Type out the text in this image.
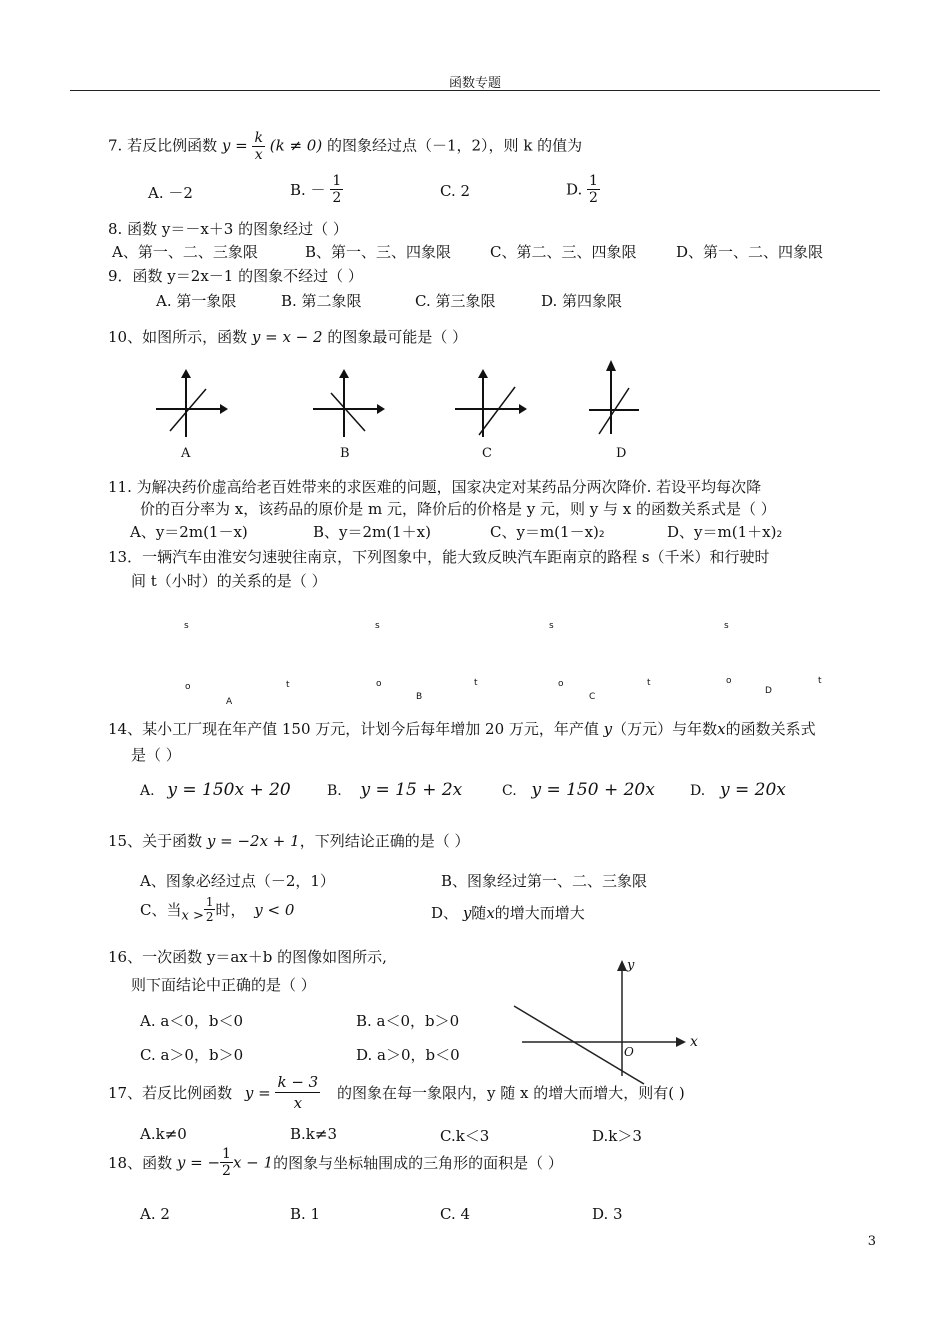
函数专题
7. 若反比例函数 $y = \frac{k}{x} (k \ne 0)$ 的图象经过点（－1，2），则 k 的值为
A. －2	B. － $\frac{1}{2}$	C. 2	D. $\frac{1}{2}$
8. 函数 y＝－x＋3 的图象经过（ ）
A、第一、二、三象限	B、第一、三、四象限	C、第二、三、四象限	D、第一、二、四象限
9．函数 y＝2x－1 的图象不经过（ ）
A. 第一象限	B. 第二象限	C. 第三象限	D. 第四象限
10、如图所示，函数 y = x − 2 的图象最可能是（ ）
A	B	C	D
11. 为解决药价虚高给老百姓带来的求医难的问题，国家决定对某药品分两次降价. 若设平均每次降
价的百分率为 x，该药品的原价是 m 元，降价后的价格是 y 元，则 y 与 x 的函数关系式是（ ）
A、y＝2m(1－x)	B、y＝2m(1＋x)	C、y＝m(1－x)2	D、y＝m(1＋x)2
13．一辆汽车由淮安匀速驶往南京，下列图象中，能大致反映汽车距南京的路程 s（千米）和行驶时
间 t（小时）的关系的是（ ）
s
o	t
A
s
o	t
B
s
o	t
C
s
o	t
D
14、某小工厂现在年产值 150 万元，计划今后每年增加 20 万元，年产值 y（万元）与年数x的函数关系式
是（ ）
A. y = 150x + 20	B. y = 15 + 2x	C. y = 150 + 20x	D. y = 20x
15、关于函数 y = −2x + 1，下列结论正确的是（ ）
A、图象必经过点（－2，1）	B、图象经过第一、二、三象限
C、当$x > \frac{1}{2}$ 时， y < 0	D、 y随x的增大而增大
16、一次函数 y＝ax＋b 的图像如图所示,
则下面结论中正确的是（ ）
A. a＜0，b＜0	B. a＜0，b＞0
C. a＞0，b＞0	D. a＞0，b＜0
y
x
O
17、若反比例函数 $y = \frac{k - 3}{x}$ 的图象在每一象限内，y 随 x 的增大而增大，则有( )
A.k≠0	B.k≠3	C.k＜3	D.k＞3
18、函数 y = − $\frac{1}{2}$ x − 1的图象与坐标轴围成的三角形的面积是（ ）
A. 2	B. 1	C. 4	D. 3
3
